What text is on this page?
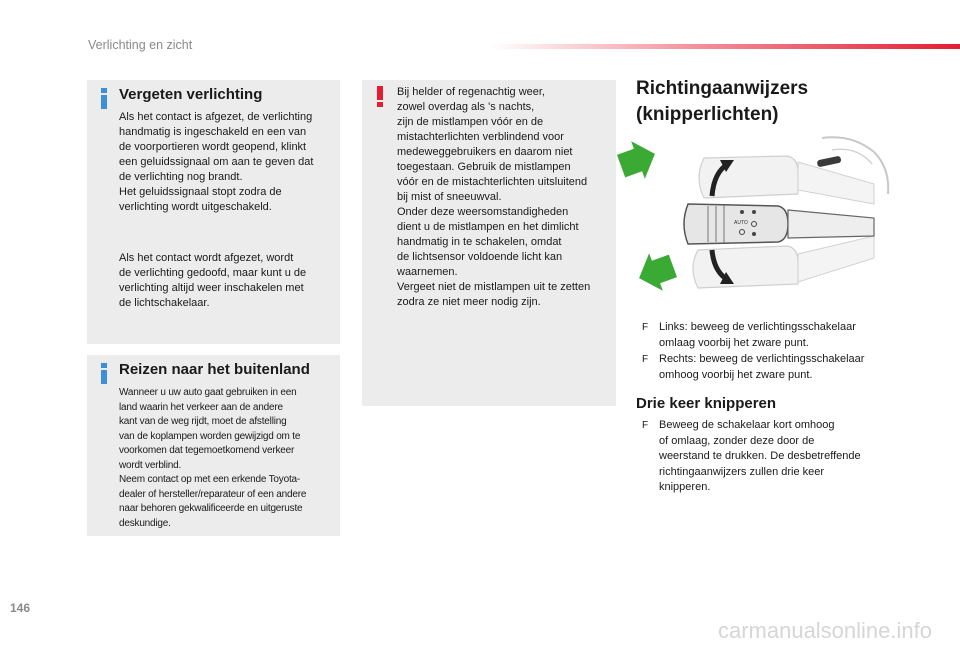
Verlichting en zicht
Vergeten verlichting
Als het contact is afgezet, de verlichting
handmatig is ingeschakeld en een van
de voorportieren wordt geopend, klinkt
een geluidssignaal om aan te geven dat
de verlichting nog brandt.
Het geluidssignaal stopt zodra de
verlichting wordt uitgeschakeld.
Als het contact wordt afgezet, wordt
de verlichting gedoofd, maar kunt u de
verlichting altijd weer inschakelen met
de lichtschakelaar.
Reizen naar het buitenland
Wanneer u uw auto gaat gebruiken in een
land waarin het verkeer aan de andere
kant van de weg rijdt, moet de afstelling
van de koplampen worden gewijzigd om te
voorkomen dat tegemoetkomend verkeer
wordt verblind.
Neem contact op met een erkende Toyota-
dealer of hersteller/reparateur of een andere
naar behoren gekwalificeerde en uitgeruste
deskundige.
Bij helder of regenachtig weer,
zowel overdag als 's nachts,
zijn de mistlampen vóór en de
mistachterlichten verblindend voor
medeweggebruikers en daarom niet
toegestaan. Gebruik de mistlampen
vóór en de mistachterlichten uitsluitend
bij mist of sneeuwval.
Onder deze weersomstandigheden
dient u de mistlampen en het dimlicht
handmatig in te schakelen, omdat
de lichtsensor voldoende licht kan
waarnemen.
Vergeet niet de mistlampen uit te zetten
zodra ze niet meer nodig zijn.
Richtingaanwijzers
(knipperlichten)
AUTO
F Links: beweeg de verlichtingsschakelaar
omlaag voorbij het zware punt.
F Rechts: beweeg de verlichtingsschakelaar
omhoog voorbij het zware punt.
Drie keer knipperen
F Beweeg de schakelaar kort omhoog
of omlaag, zonder deze door de
weerstand te drukken. De desbetreffende
richtingaanwijzers zullen drie keer
knipperen.
146
carmanualsonline.info
